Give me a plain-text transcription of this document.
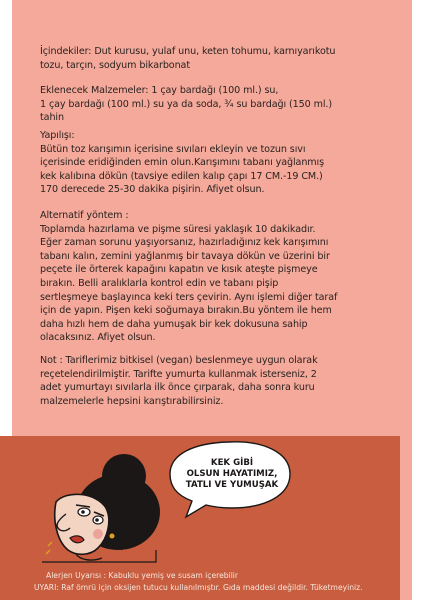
İçindekiler: Dut kurusu, yulaf unu, keten tohumu, karnıyarıkotu
tozu, tarçın, sodyum bikarbonat
Eklenecek Malzemeler: 1 çay bardağı (100 ml.) su,
1 çay bardağı (100 ml.) su ya da soda, ¾ su bardağı (150 ml.)
tahin
Yapılışı:
Bütün toz karışımın içerisine sıvıları ekleyin ve tozun sıvı
içerisinde eridiğinden emin olun.Karışımını tabanı yağlanmış
kek kalıbına dökün (tavsiye edilen kalıp çapı 17 CM.-19 CM.)
170 derecede 25-30 dakika pişirin. Afiyet olsun.
Alternatif yöntem :
Toplamda hazırlama ve pişme süresi yaklaşık 10 dakikadır.
Eğer zaman sorunu yaşıyorsanız, hazırladığınız kek karışımını
tabanı kalın, zemini yağlanmış bir tavaya dökün ve üzerini bir
peçete ile örterek kapağını kapatın ve kısık ateşte pişmeye
bırakın. Belli aralıklarla kontrol edin ve tabanı pişip
sertleşmeye başlayınca keki ters çevirin. Aynı işlemi diğer taraf
için de yapın. Pişen keki soğumaya bırakın.Bu yöntem ile hem
daha hızlı hem de daha yumuşak bir kek dokusuna sahip
olacaksınız. Afiyet olsun.
Not : Tariflerimiz bitkisel (vegan) beslenmeye uygun olarak
reçetelendirilmiştir. Tarifte yumurta kullanmak isterseniz, 2
adet yumurtayı sıvılarla ilk önce çırparak, daha sonra kuru
malzemelerle hepsini karıştırabilirsiniz.
KEK GİBİ
OLSUN HAYATIMIZ,
TATLI VE YUMUŞAK
Alerjen Uyarısı : Kabuklu yemiş ve susam içerebilir
UYARI: Raf ömrü için oksijen tutucu kullanılmıştır. Gıda maddesi değildir. Tüketmeyiniz.
